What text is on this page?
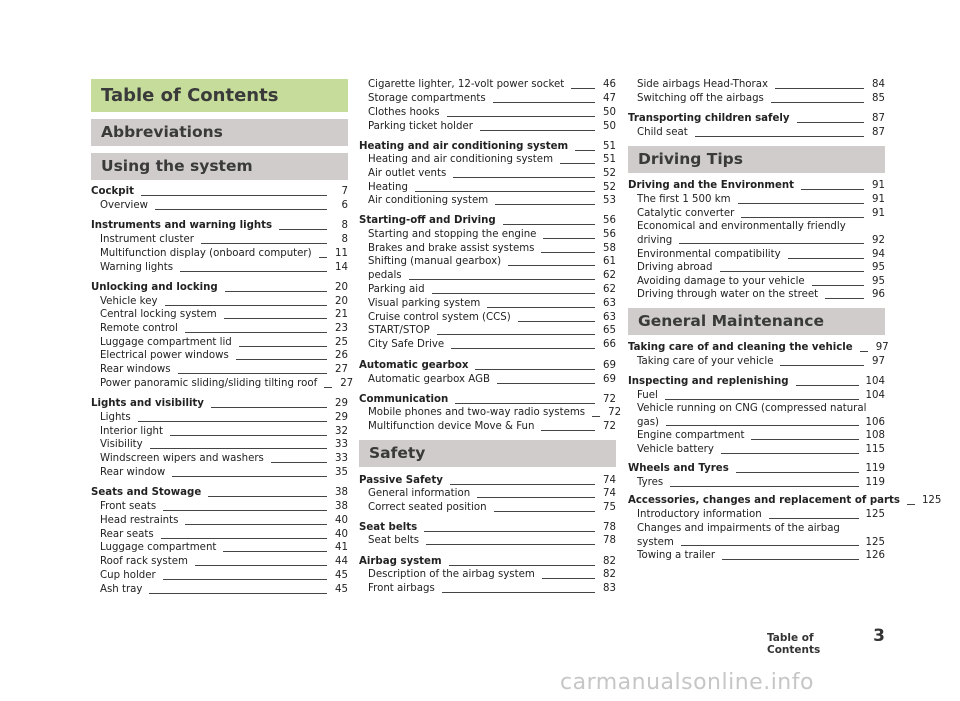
Table of Contents
Abbreviations
Using the system
Cockpit	7
Overview	6
Instruments and warning lights	8
Instrument cluster	8
Multifunction display (onboard computer) 11
Warning lights	14
Unlocking and locking	20
Vehicle key	20
Central locking system	21
Remote control	23
Luggage compartment lid	25
Electrical power windows	26
Rear windows	27
Power panoramic sliding/sliding tilting roof 27
Lights and visibility	29
Lights	29
Interior light	32
Visibility	33
Windscreen wipers and washers	33
Rear window	35
Seats and Stowage	38
Front seats	38
Head restraints	40
Rear seats	40
Luggage compartment	41
Roof rack system	44
Cup holder	45
Ash tray	45
Safety
Cigarette lighter, 12-volt power socket	46
Storage compartments	47
Clothes hooks	50
Parking ticket holder	50
Heating and air conditioning system	51
Heating and air conditioning system	51
Air outlet vents	52
Heating	52
Air conditioning system	53
Starting-off and Driving	56
Starting and stopping the engine	56
Brakes and brake assist systems	58
Shifting (manual gearbox)	61
pedals	62
Parking aid	62
Visual parking system	63
Cruise control system (CCS)	63
START/STOP	65
City Safe Drive	66
Automatic gearbox	69
Automatic gearbox AGB	69
Communication	72
Mobile phones and two-way radio systems 72
Multifunction device Move & Fun	72
Passive Safety	74
General information	74
Correct seated position	75
Seat belts	78
Seat belts	78
Airbag system	82
Description of the airbag system	82
Front airbags	83
Driving Tips
General Maintenance
Side airbags Head-Thorax	84
Switching off the airbags	85
Transporting children safely	87
Child seat	87
Driving and the Environment	91
The first 1 500 km	91
Catalytic converter	91
Economical and environmentally friendly
driving	92
Environmental compatibility	94
Driving abroad	95
Avoiding damage to your vehicle	95
Driving through water on the street	96
Taking care of and cleaning the vehicle 97
Taking care of your vehicle	97
Inspecting and replenishing	104
Fuel	104
Vehicle running on CNG (compressed natural
gas)	106
Engine compartment	108
Vehicle battery	115
Wheels and Tyres	119
Tyres	119
Accessories, changes and replacement of parts 125
Introductory information	125
Changes and impairments of the airbag
system	125
Towing a trailer	126
Table of Contents
3
carmanualsonline.info
